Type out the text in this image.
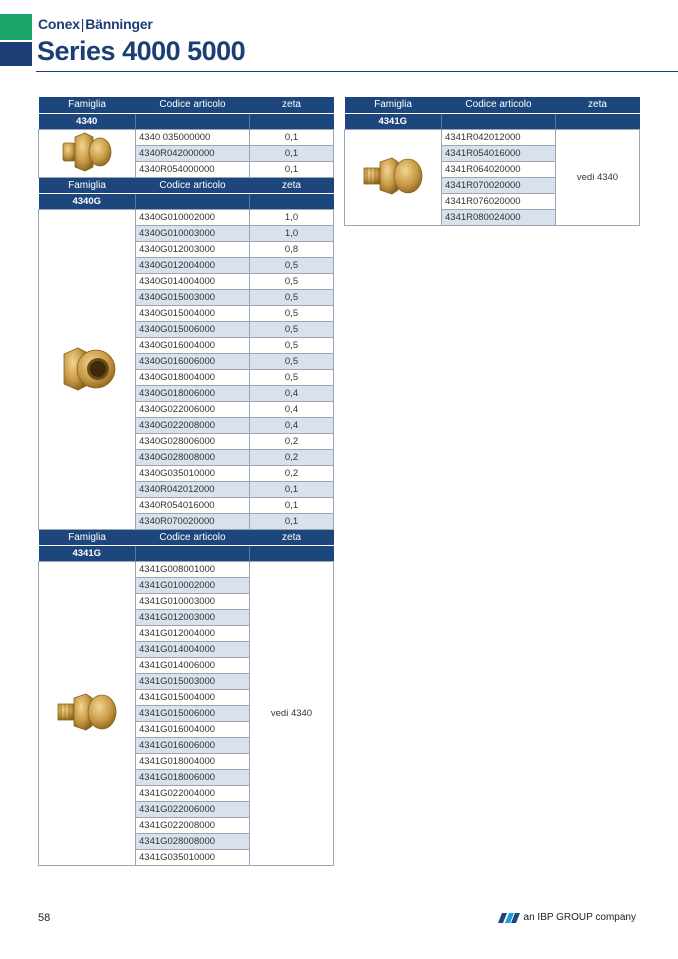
Conex|Bänninger
Series 4000 5000
Famiglia	Codice articolo	zeta
4340		
	4340 035000000	0,1
	4340R042000000	0,1
	4340R054000000	0,1
Famiglia	Codice articolo	zeta
4340G		
	4340G010002000	1,0
	4340G010003000	1,0
	4340G012003000	0,8
	4340G012004000	0,5
	4340G014004000	0,5
	4340G015003000	0,5
	4340G015004000	0,5
	4340G015006000	0,5
	4340G016004000	0,5
	4340G016006000	0,5
	4340G018004000	0,5
	4340G018006000	0,4
	4340G022006000	0,4
	4340G022008000	0,4
	4340G028006000	0,2
	4340G028008000	0,2
	4340G035010000	0,2
	4340R042012000	0,1
	4340R054016000	0,1
	4340R070020000	0,1
Famiglia	Codice articolo	zeta
4341G		
	4341G008001000	vedi 4340
	4341G010002000	
	4341G010003000	
	4341G012003000	
	4341G012004000	
	4341G014004000	
	4341G014006000	
	4341G015003000	
	4341G015004000	
	4341G015006000	
	4341G016004000	
	4341G016006000	
	4341G018004000	
	4341G018006000	
	4341G022004000	
	4341G022006000	
	4341G022008000	
	4341G028008000	
	4341G035010000	
Famiglia	Codice articolo	zeta
4341G		
	4341R042012000	vedi 4340
	4341R054016000	
	4341R064020000	
	4341R070020000	
	4341R076020000	
	4341R080024000	
58	an IBP GROUP company
